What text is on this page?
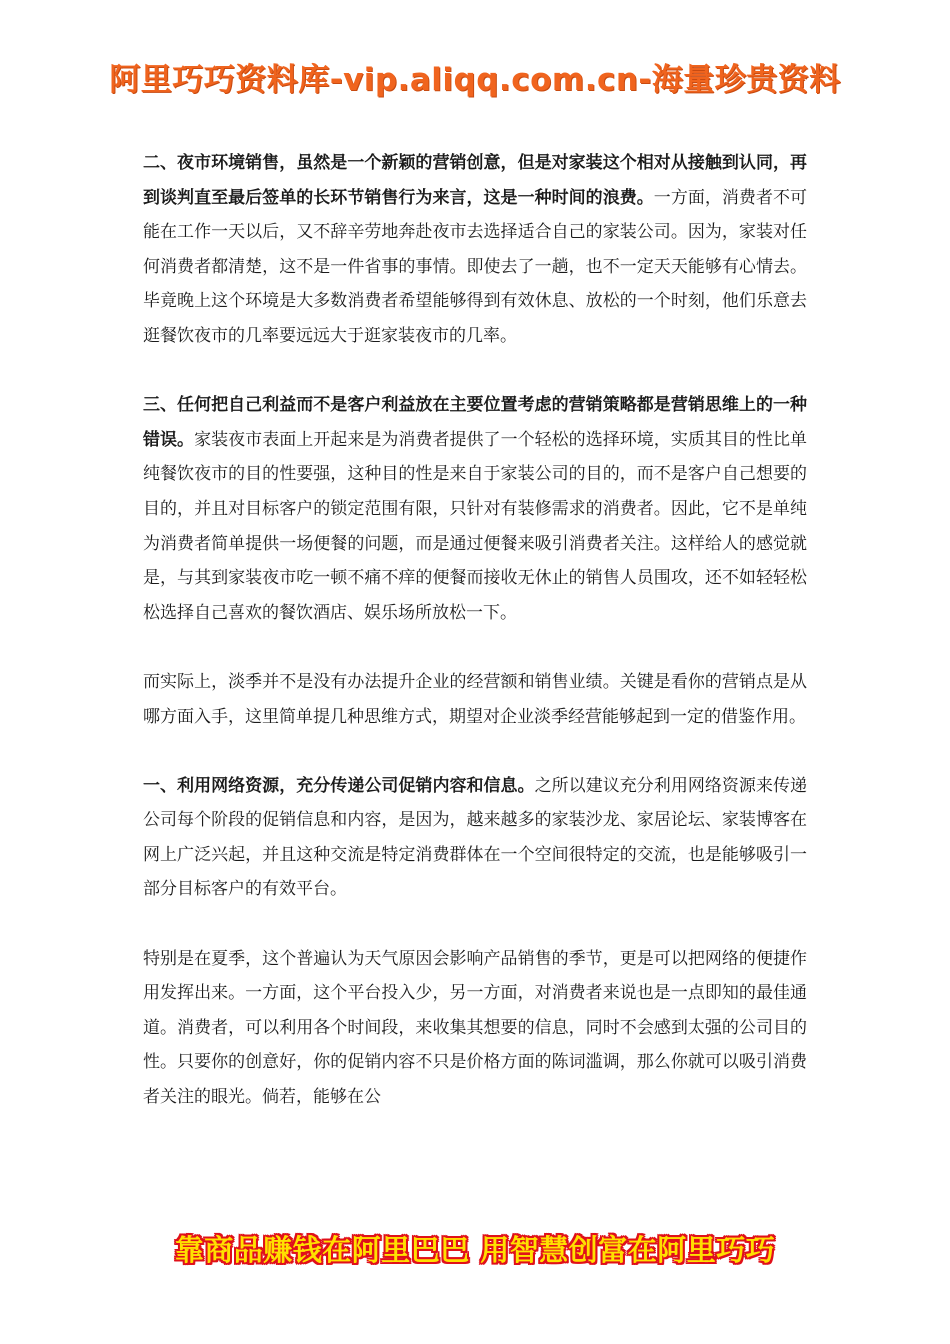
阿里巧巧资料库-vip.aliqq.com.cn-海量珍贵资料

二、夜市环境销售，虽然是一个新颖的营销创意，但是对家装这个相对从接触到认同，再到谈判直至最后签单的长环节销售行为来言，这是一种时间的浪费。一方面，消费者不可能在工作一天以后，又不辞辛劳地奔赴夜市去选择适合自己的家装公司。因为，家装对任何消费者都清楚，这不是一件省事的事情。即使去了一趟，也不一定天天能够有心情去。毕竟晚上这个环境是大多数消费者希望能够得到有效休息、放松的一个时刻，他们乐意去逛餐饮夜市的几率要远远大于逛家装夜市的几率。

三、任何把自己利益而不是客户利益放在主要位置考虑的营销策略都是营销思维上的一种错误。家装夜市表面上开起来是为消费者提供了一个轻松的选择环境，实质其目的性比单纯餐饮夜市的目的性要强，这种目的性是来自于家装公司的目的，而不是客户自己想要的目的，并且对目标客户的锁定范围有限，只针对有装修需求的消费者。因此，它不是单纯为消费者简单提供一场便餐的问题，而是通过便餐来吸引消费者关注。这样给人的感觉就是，与其到家装夜市吃一顿不痛不痒的便餐而接收无休止的销售人员围攻，还不如轻轻松松选择自己喜欢的餐饮酒店、娱乐场所放松一下。

而实际上，淡季并不是没有办法提升企业的经营额和销售业绩。关键是看你的营销点是从哪方面入手，这里简单提几种思维方式，期望对企业淡季经营能够起到一定的借鉴作用。

一、利用网络资源，充分传递公司促销内容和信息。之所以建议充分利用网络资源来传递公司每个阶段的促销信息和内容，是因为，越来越多的家装沙龙、家居论坛、家装博客在网上广泛兴起，并且这种交流是特定消费群体在一个空间很特定的交流，也是能够吸引一部分目标客户的有效平台。

特别是在夏季，这个普遍认为天气原因会影响产品销售的季节，更是可以把网络的便捷作用发挥出来。一方面，这个平台投入少，另一方面，对消费者来说也是一点即知的最佳通道。消费者，可以利用各个时间段，来收集其想要的信息，同时不会感到太强的公司目的性。只要你的创意好，你的促销内容不只是价格方面的陈词滥调，那么你就可以吸引消费者关注的眼光。倘若，能够在公

靠商品赚钱在阿里巴巴 用智慧创富在阿里巧巧
